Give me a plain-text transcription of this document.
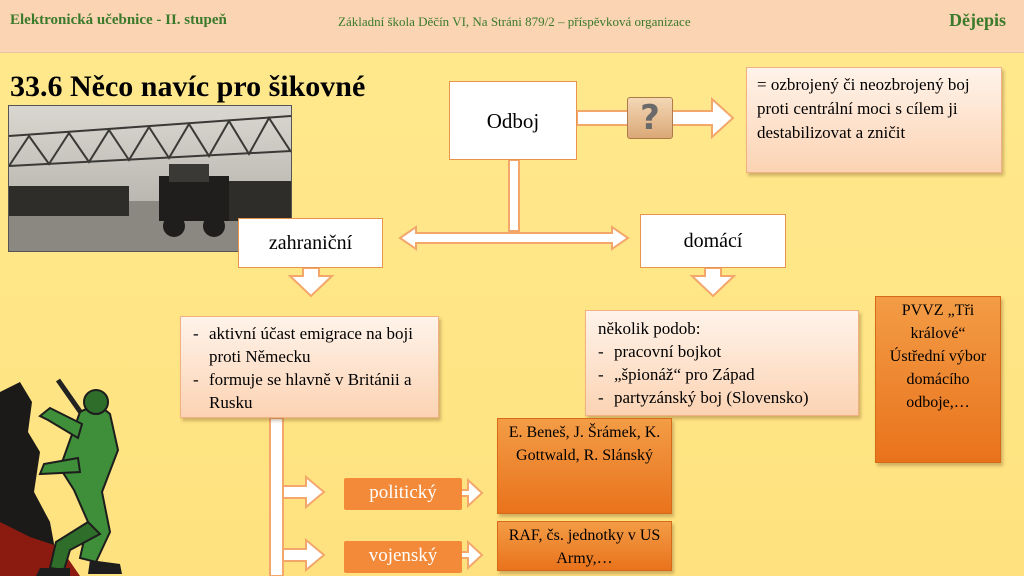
Elektronická učebnice - II. stupeň	Základní škola Děčín VI, Na Stráni 879/2 – příspěvková organizace	Dějepis
33.6 Něco navíc pro šikovné
Odboj	?
= ozbrojený či neozbrojený boj proti centrální moci s cílem ji destabilizovat a zničit
zahraniční	domácí
- aktivní účast emigrace na boji proti Německu
- formuje se hlavně v Británii a Rusku
několik podob:
- pracovní bojkot
- „špionáž“ pro Západ
- partyzánský boj (Slovensko)
PVVZ „Tři králové“ Ústřední výbor domácího odboje,…
politický
vojenský
E. Beneš, J. Šrámek, K. Gottwald, R. Slánský
RAF, čs. jednotky v US Army,…
